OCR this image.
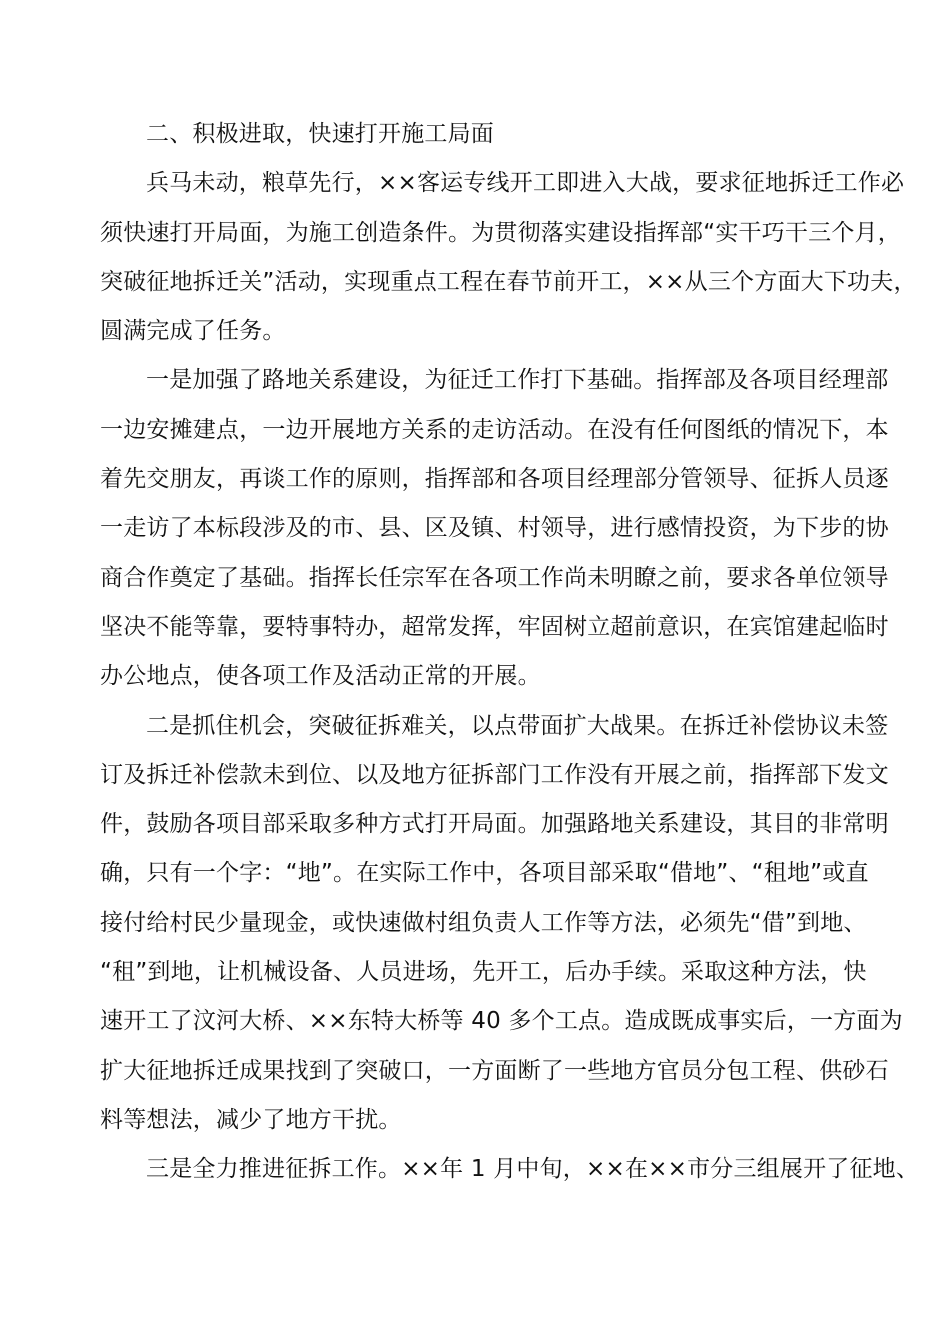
二、积极进取，快速打开施工局面
兵马未动，粮草先行，××客运专线开工即进入大战，要求征地拆迁工作必
须快速打开局面，为施工创造条件。为贯彻落实建设指挥部“实干巧干三个月，
突破征地拆迁关”活动，实现重点工程在春节前开工，××从三个方面大下功夫，
圆满完成了任务。
一是加强了路地关系建设，为征迁工作打下基础。指挥部及各项目经理部
一边安摊建点，一边开展地方关系的走访活动。在没有任何图纸的情况下，本
着先交朋友，再谈工作的原则，指挥部和各项目经理部分管领导、征拆人员逐
一走访了本标段涉及的市、县、区及镇、村领导，进行感情投资，为下步的协
商合作奠定了基础。指挥长任宗军在各项工作尚未明瞭之前，要求各单位领导
坚决不能等靠，要特事特办，超常发挥，牢固树立超前意识，在宾馆建起临时
办公地点，使各项工作及活动正常的开展。
二是抓住机会，突破征拆难关，以点带面扩大战果。在拆迁补偿协议未签
订及拆迁补偿款未到位、以及地方征拆部门工作没有开展之前，指挥部下发文
件，鼓励各项目部采取多种方式打开局面。加强路地关系建设，其目的非常明
确，只有一个字：“地”。在实际工作中，各项目部采取“借地”、“租地”或直
接付给村民少量现金，或快速做村组负责人工作等方法，必须先“借”到地、
“租”到地，让机械设备、人员进场，先开工，后办手续。采取这种方法，快
速开工了汶河大桥、××东特大桥等 40 多个工点。造成既成事实后，一方面为
扩大征地拆迁成果找到了突破口，一方面断了一些地方官员分包工程、供砂石
料等想法，减少了地方干扰。
三是全力推进征拆工作。××年 1 月中旬，××在××市分三组展开了征地、
